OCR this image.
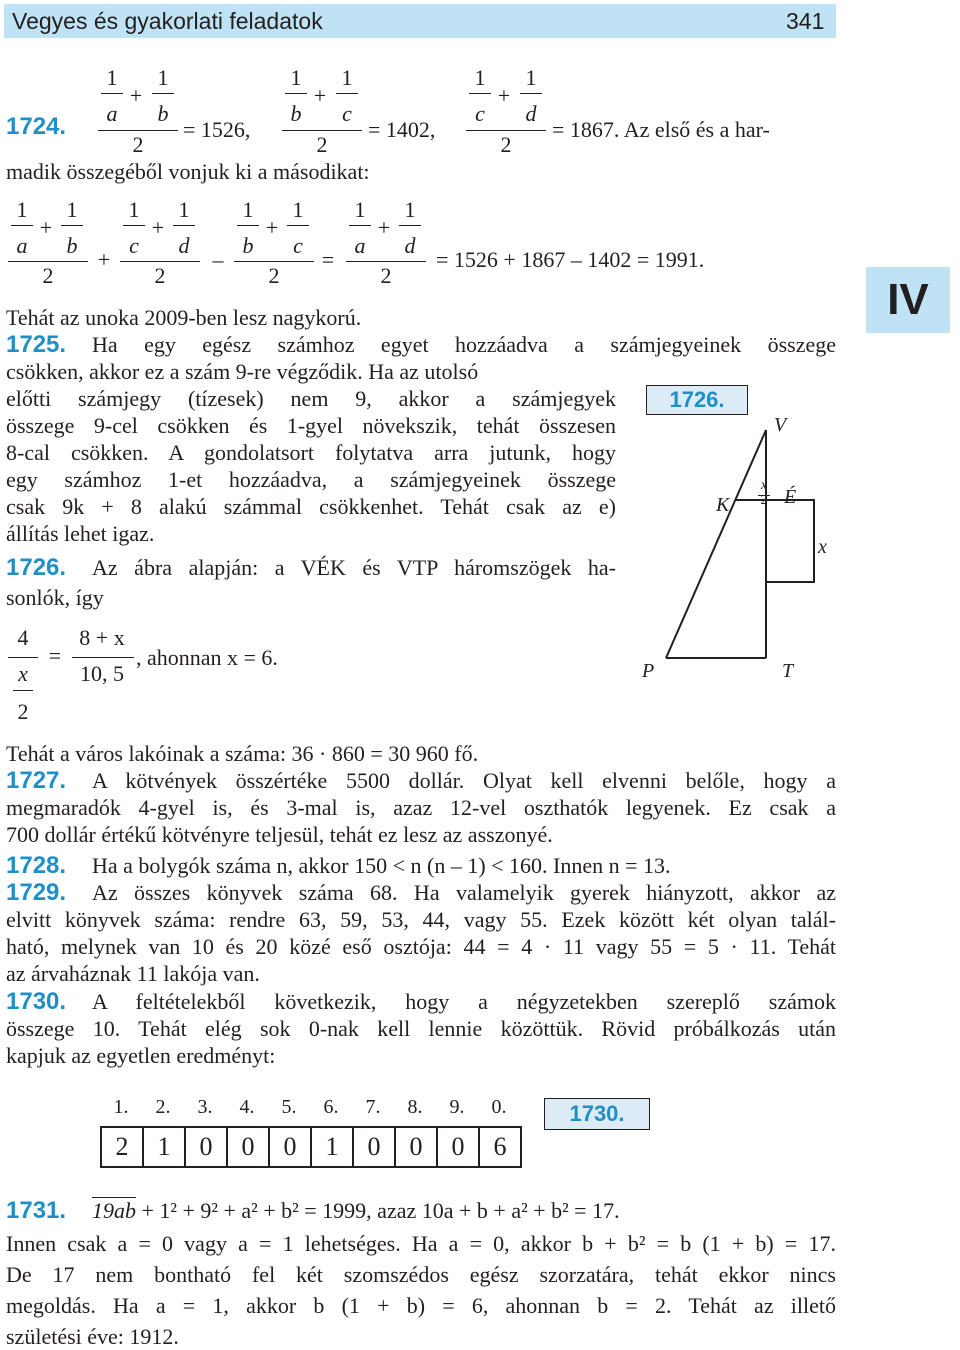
Vegyes és gyakorlati feladatok	341
IV
1724.
1
a
+
1
b
2
= 1526,
1
b
+
1
c
2
= 1402,
1
c
+
1
d
2
= 1867. Az első és a har-
madik összegéből vonjuk ki a másodikat:
1
a
+
1
b
2
+
1
c
+
1
d
2
–
1
b
+
1
c
2
=
1
a
+
1
d
2
= 1526 + 1867 – 1402 = 1991.
Tehát az unoka 2009-ben lesz nagykorú.
1725. Ha egy egész számhoz egyet hozzáadva a számjegyeinek összege
csökken, akkor ez a szám 9-re végződik. Ha az utolsó
előtti számjegy (tízesek) nem 9, akkor a számjegyek
összege 9-cel csökken és 1-gyel növekszik, tehát összesen
8-cal csökken. A gondolatsort folytatva arra jutunk, hogy
egy számhoz 1-et hozzáadva, a számjegyeinek összege
csak 9k + 8 alakú számmal csökkenhet. Tehát csak az e)
állítás lehet igaz.
1726.
V
K	É
P	T
x
x
2
1726. Az ábra alapján: a VÉK és VTP háromszögek ha-
sonlók, így
4
x
2
=
8 + x
10, 5
, ahonnan x = 6.
Tehát a város lakóinak a száma: 36 · 860 = 30 960 fő.
1727. A kötvények összértéke 5500 dollár. Olyat kell elvenni belőle, hogy a
megmaradók 4-gyel is, és 3-mal is, azaz 12-vel oszthatók legyenek. Ez csak a
700 dollár értékű kötvényre teljesül, tehát ez lesz az asszonyé.
1728. Ha a bolygók száma n, akkor 150 < n (n – 1) < 160. Innen n = 13.
1729. Az összes könyvek száma 68. Ha valamelyik gyerek hiányzott, akkor az
elvitt könyvek száma: rendre 63, 59, 53, 44, vagy 55. Ezek között két olyan talál-
ható, melynek van 10 és 20 közé eső osztója: 44 = 4 · 11 vagy 55 = 5 · 11. Tehát
az árvaháznak 11 lakója van.
1730. A feltételekből következik, hogy a négyzetekben szereplő számok
összege 10. Tehát elég sok 0-nak kell lennie közöttük. Rövid próbálkozás után
kapjuk az egyetlen eredményt:
1. 2. 3. 4. 5. 6. 7. 8. 9. 0.
2	1	0	0	0	1	0	0	0	6
1730.
1731. 19ab + 1² + 9² + a² + b² = 1999, azaz 10a + b + a² + b² = 17.
Innen csak a = 0 vagy a = 1 lehetséges. Ha a = 0, akkor b + b² = b (1 + b) = 17.
De 17 nem bontható fel két szomszédos egész szorzatára, tehát ekkor nincs
megoldás. Ha a = 1, akkor b (1 + b) = 6, ahonnan b = 2. Tehát az illető
születési éve: 1912.
